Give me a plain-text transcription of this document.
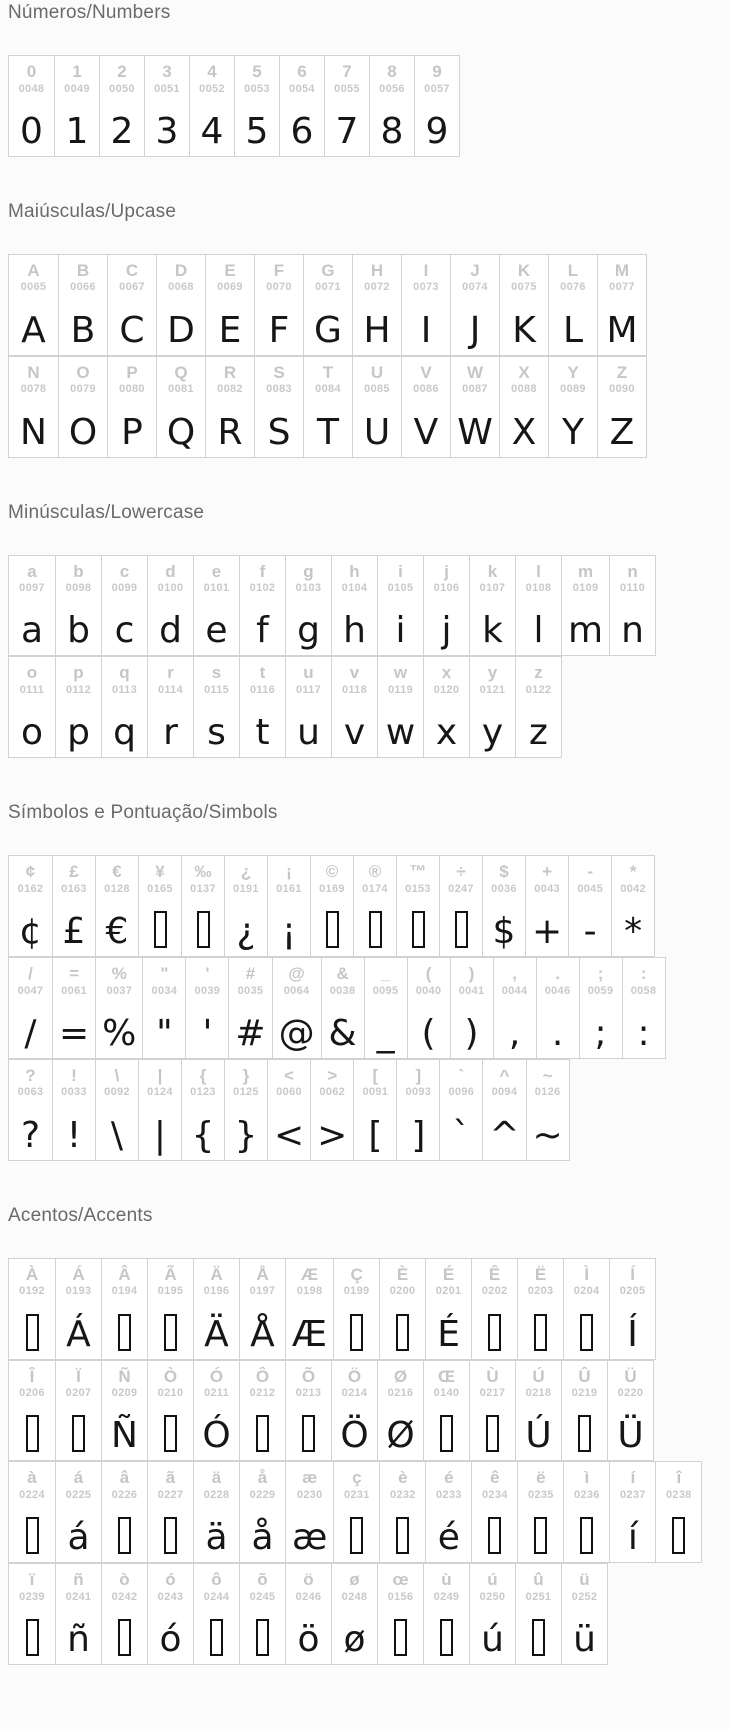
Números/Numbers
0
0048
0
1
0049
1
2
0050
2
3
0051
3
4
0052
4
5
0053
5
6
0054
6
7
0055
7
8
0056
8
9
0057
9
Maiúsculas/Upcase
A
0065
A
B
0066
B
C
0067
C
D
0068
D
E
0069
E
F
0070
F
G
0071
G
H
0072
H
I
0073
I
J
0074
J
K
0075
K
L
0076
L
M
0077
M
N
0078
N
O
0079
O
P
0080
P
Q
0081
Q
R
0082
R
S
0083
S
T
0084
T
U
0085
U
V
0086
V
W
0087
W
X
0088
X
Y
0089
Y
Z
0090
Z
Minúsculas/Lowercase
a
0097
a
b
0098
b
c
0099
c
d
0100
d
e
0101
e
f
0102
f
g
0103
g
h
0104
h
i
0105
i
j
0106
j
k
0107
k
l
0108
l
m
0109
m
n
0110
n
o
0111
o
p
0112
p
q
0113
q
r
0114
r
s
0115
s
t
0116
t
u
0117
u
v
0118
v
w
0119
w
x
0120
x
y
0121
y
z
0122
z
Símbolos e Pontuação/Simbols
¢
0162
¢
£
0163
£
€
0128
€
¥
0165
‰
0137
¿
0191
¿
¡
0161
¡
©
0169
®
0174
™
0153
÷
0247
$
0036
$
+
0043
+
-
0045
-
*
0042
*
/
0047
/
=
0061
=
%
0037
%
"
0034
"
'
0039
'
#
0035
#
@
0064
@
&
0038
&
_
0095
_
(
0040
(
)
0041
)
,
0044
,
.
0046
.
;
0059
;
:
0058
:
?
0063
?
!
0033
!
\
0092
\
|
0124
|
{
0123
{
}
0125
}
<
0060
<
>
0062
>
[
0091
[
]
0093
]
`
0096
`
^
0094
^
~
0126
~
Acentos/Accents
À
0192
Á
0193
Á
Â
0194
Ã
0195
Ä
0196
Ä
Å
0197
Å
Æ
0198
Æ
Ç
0199
È
0200
É
0201
É
Ê
0202
Ë
0203
Ì
0204
Í
0205
Í
Î
0206
Ï
0207
Ñ
0209
Ñ
Ò
0210
Ó
0211
Ó
Ô
0212
Õ
0213
Ö
0214
Ö
Ø
0216
Ø
Œ
0140
Ù
0217
Ú
0218
Ú
Û
0219
Ü
0220
Ü
à
0224
á
0225
á
â
0226
ã
0227
ä
0228
ä
å
0229
å
æ
0230
æ
ç
0231
è
0232
é
0233
é
ê
0234
ë
0235
ì
0236
í
0237
í
î
0238
ï
0239
ñ
0241
ñ
ò
0242
ó
0243
ó
ô
0244
õ
0245
ö
0246
ö
ø
0248
ø
œ
0156
ù
0249
ú
0250
ú
û
0251
ü
0252
ü
